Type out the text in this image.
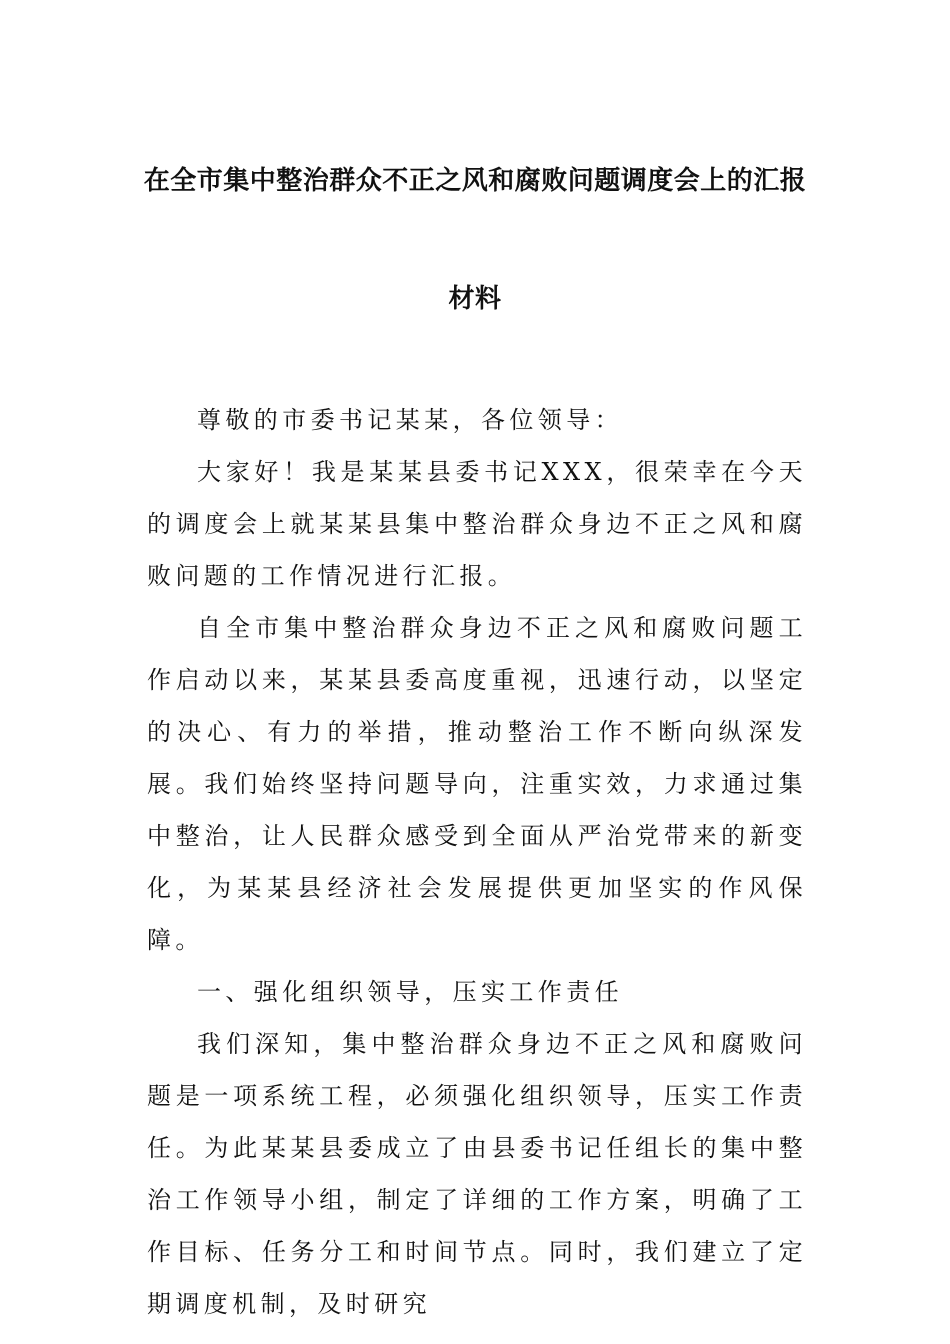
在全市集中整治群众不正之风和腐败问题调度会上的汇报
材料

尊敬的市委书记某某，各位领导：

大家好！我是某某县委书记XXX，很荣幸在今天的调度会上就某某县集中整治群众身边不正之风和腐败问题的工作情况进行汇报。

自全市集中整治群众身边不正之风和腐败问题工作启动以来，某某县委高度重视，迅速行动，以坚定的决心、有力的举措，推动整治工作不断向纵深发展。我们始终坚持问题导向，注重实效，力求通过集中整治，让人民群众感受到全面从严治党带来的新变化，为某某县经济社会发展提供更加坚实的作风保障。

一、强化组织领导，压实工作责任

我们深知，集中整治群众身边不正之风和腐败问题是一项系统工程，必须强化组织领导，压实工作责任。为此某某县委成立了由县委书记任组长的集中整治工作领导小组，制定了详细的工作方案，明确了工作目标、任务分工和时间节点。同时，我们建立了定期调度机制，及时研究
